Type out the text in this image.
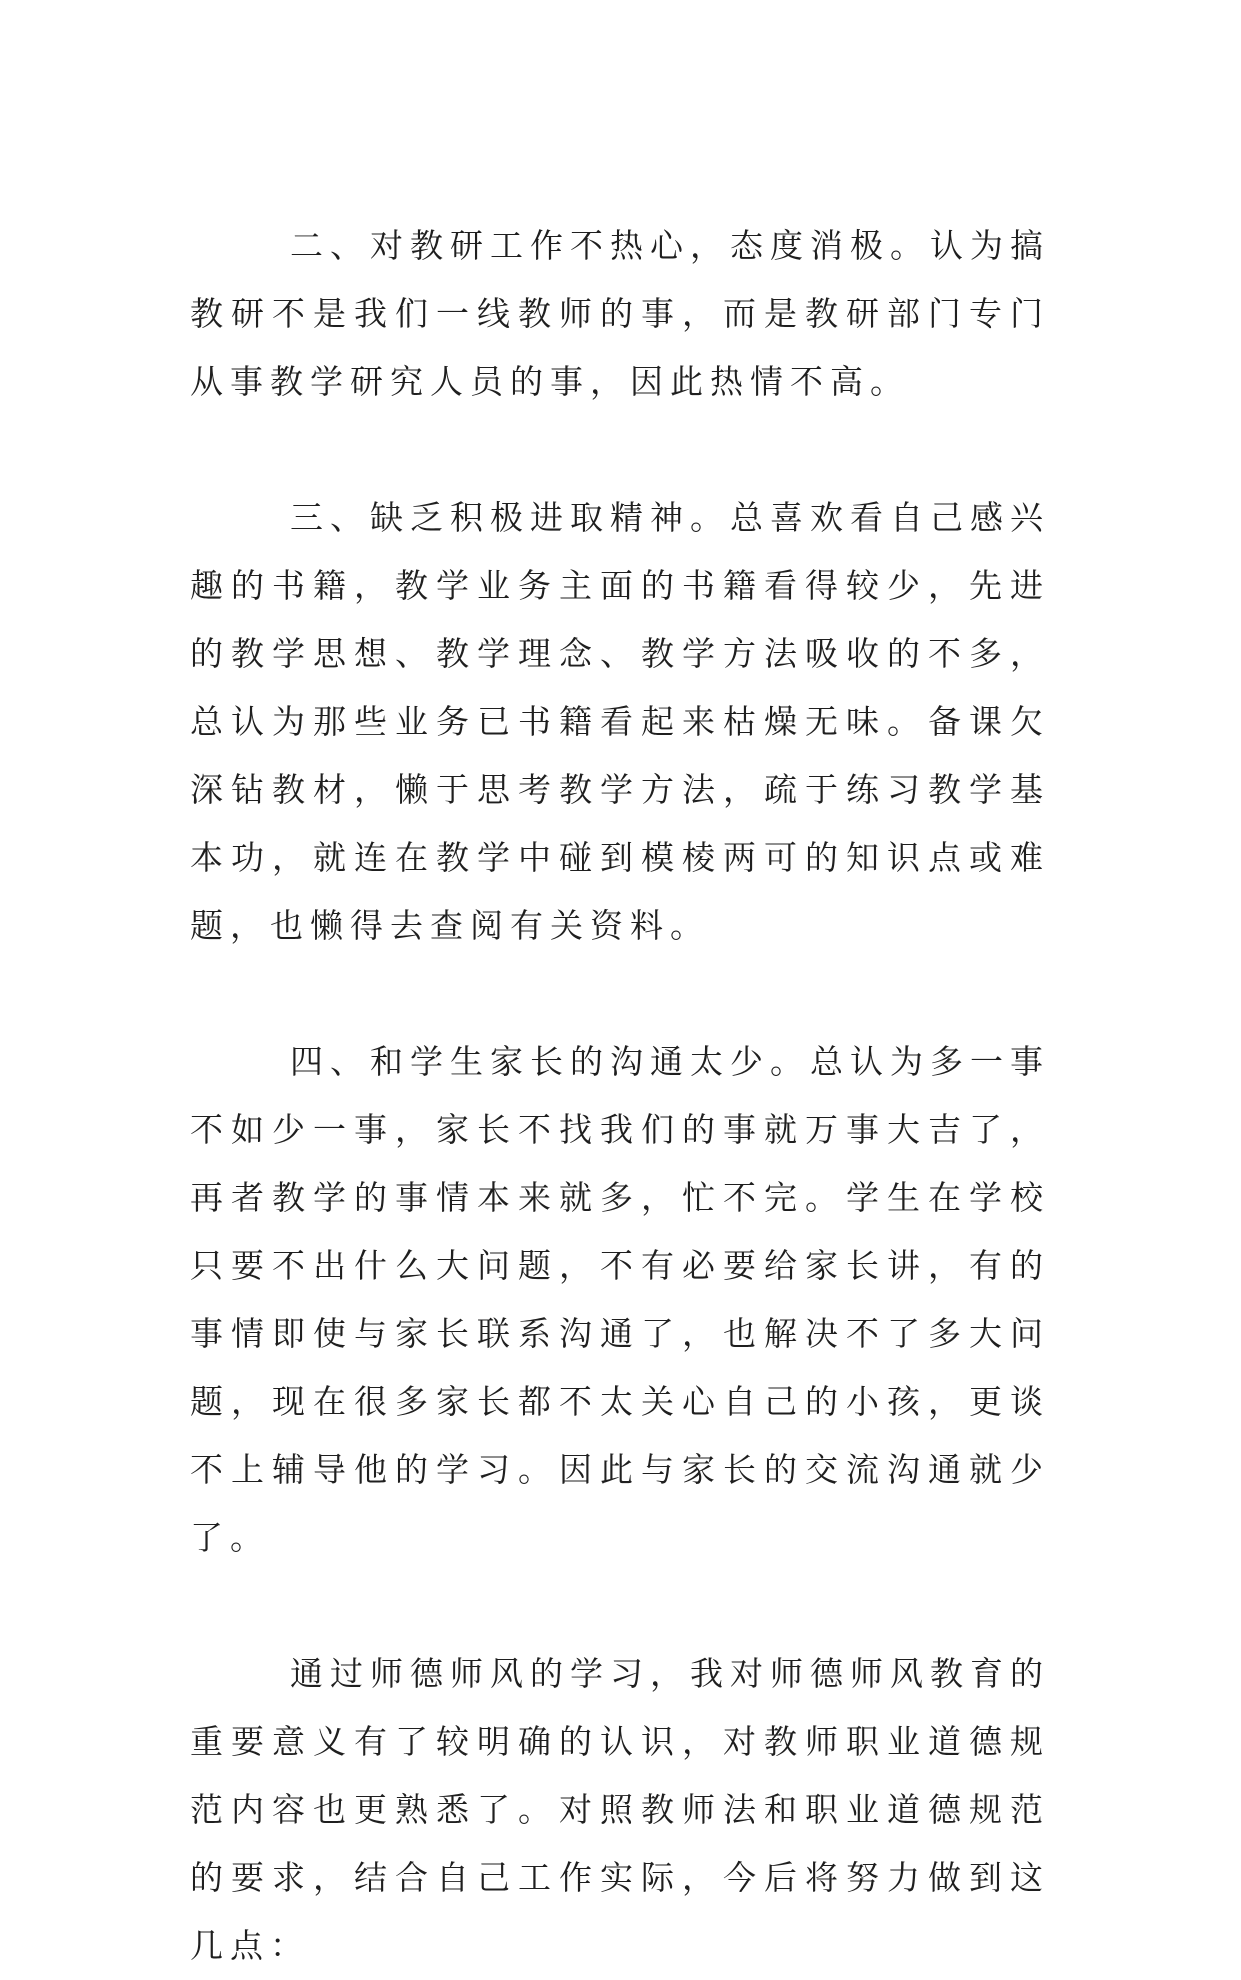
二、对教研工作不热心，态度消极。认为搞教研不是我们一线教师的事，而是教研部门专门从事教学研究人员的事，因此热情不高。

三、缺乏积极进取精神。总喜欢看自己感兴趣的书籍，教学业务主面的书籍看得较少，先进的教学思想、教学理念、教学方法吸收的不多，总认为那些业务已书籍看起来枯燥无味。备课欠深钻教材，懒于思考教学方法，疏于练习教学基本功，就连在教学中碰到模棱两可的知识点或难题，也懒得去查阅有关资料。

四、和学生家长的沟通太少。总认为多一事不如少一事，家长不找我们的事就万事大吉了，再者教学的事情本来就多，忙不完。学生在学校只要不出什么大问题，不有必要给家长讲，有的事情即使与家长联系沟通了，也解决不了多大问题，现在很多家长都不太关心自己的小孩，更谈不上辅导他的学习。因此与家长的交流沟通就少了。

通过师德师风的学习，我对师德师风教育的重要意义有了较明确的认识，对教师职业道德规范内容也更熟悉了。对照教师法和职业道德规范的要求，结合自己工作实际，今后将努力做到这几点：
